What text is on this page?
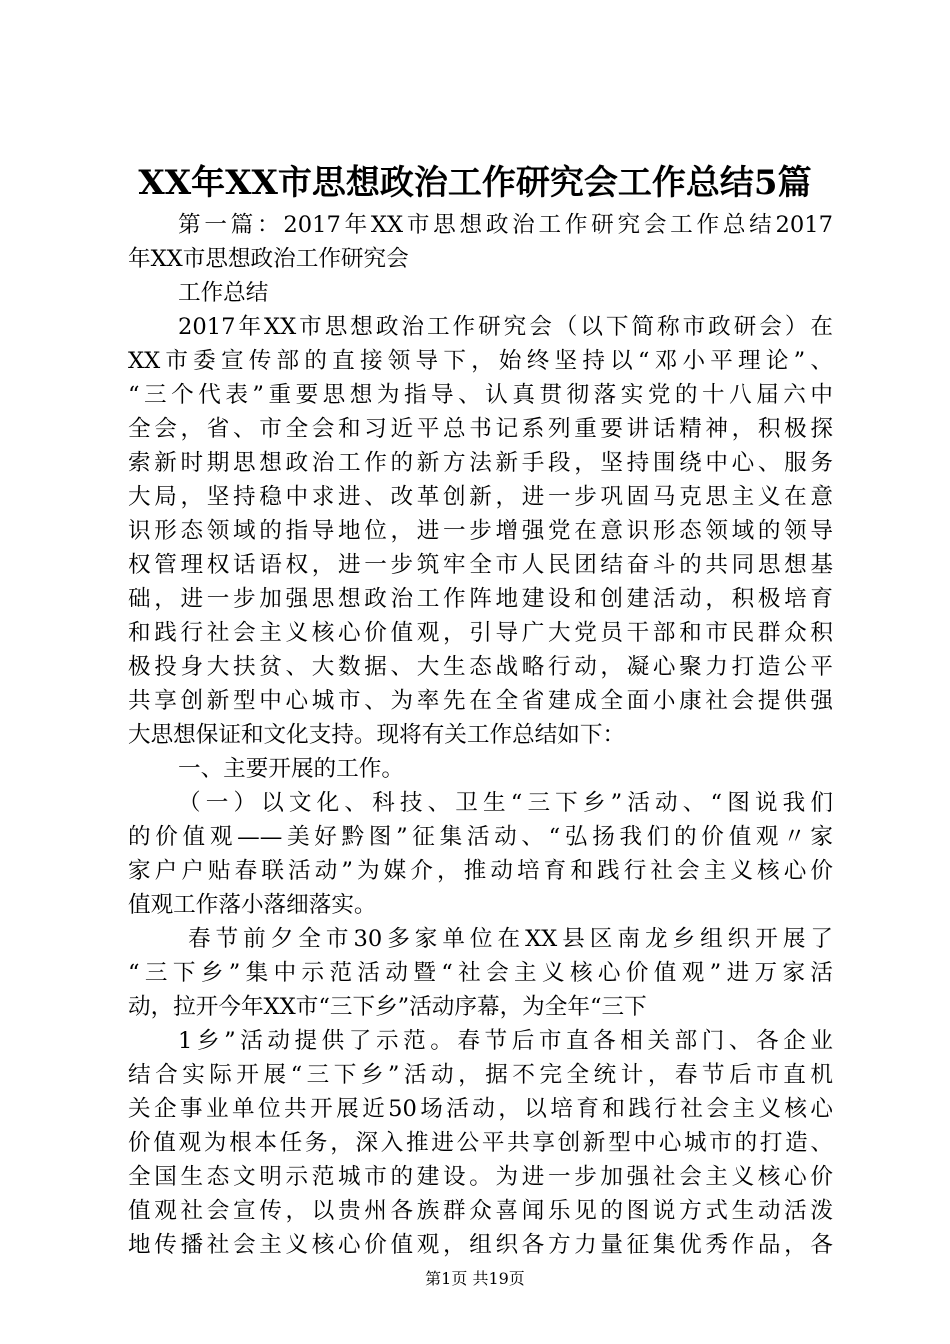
XX年XX市思想政治工作研究会工作总结5篇
第一篇：2017年XX市思想政治工作研究会工作总结2017
年XX市思想政治工作研究会
工作总结
2017年XX市思想政治工作研究会（以下简称市政研会）在
XX市委宣传部的直接领导下，始终坚持以“邓小平理论”、
“三个代表”重要思想为指导、认真贯彻落实党的十八届六中
全会，省、市全会和习近平总书记系列重要讲话精神，积极探
索新时期思想政治工作的新方法新手段，坚持围绕中心、服务
大局，坚持稳中求进、改革创新，进一步巩固马克思主义在意
识形态领域的指导地位，进一步增强党在意识形态领域的领导
权管理权话语权，进一步筑牢全市人民团结奋斗的共同思想基
础，进一步加强思想政治工作阵地建设和创建活动，积极培育
和践行社会主义核心价值观，引导广大党员干部和市民群众积
极投身大扶贫、大数据、大生态战略行动，凝心聚力打造公平
共享创新型中心城市、为率先在全省建成全面小康社会提供强
大思想保证和文化支持。现将有关工作总结如下：
一、主要开展的工作。
（一）以文化、科技、卫生“三下乡”活动、“图说我们
的价值观——美好黔图”征集活动、“弘扬我们的价值观〃家
家户户贴春联活动”为媒介，推动培育和践行社会主义核心价
值观工作落小落细落实。
春节前夕全市30多家单位在XX县区南龙乡组织开展了
“三下乡”集中示范活动暨“社会主义核心价值观”进万家活
动，拉开今年XX市“三下乡”活动序幕，为全年“三下
1乡”活动提供了示范。春节后市直各相关部门、各企业
结合实际开展“三下乡”活动，据不完全统计，春节后市直机
关企事业单位共开展近50场活动，以培育和践行社会主义核心
价值观为根本任务，深入推进公平共享创新型中心城市的打造、
全国生态文明示范城市的建设。为进一步加强社会主义核心价
值观社会宣传，以贵州各族群众喜闻乐见的图说方式生动活泼
地传播社会主义核心价值观，组织各方力量征集优秀作品，各
第1页 共19页
